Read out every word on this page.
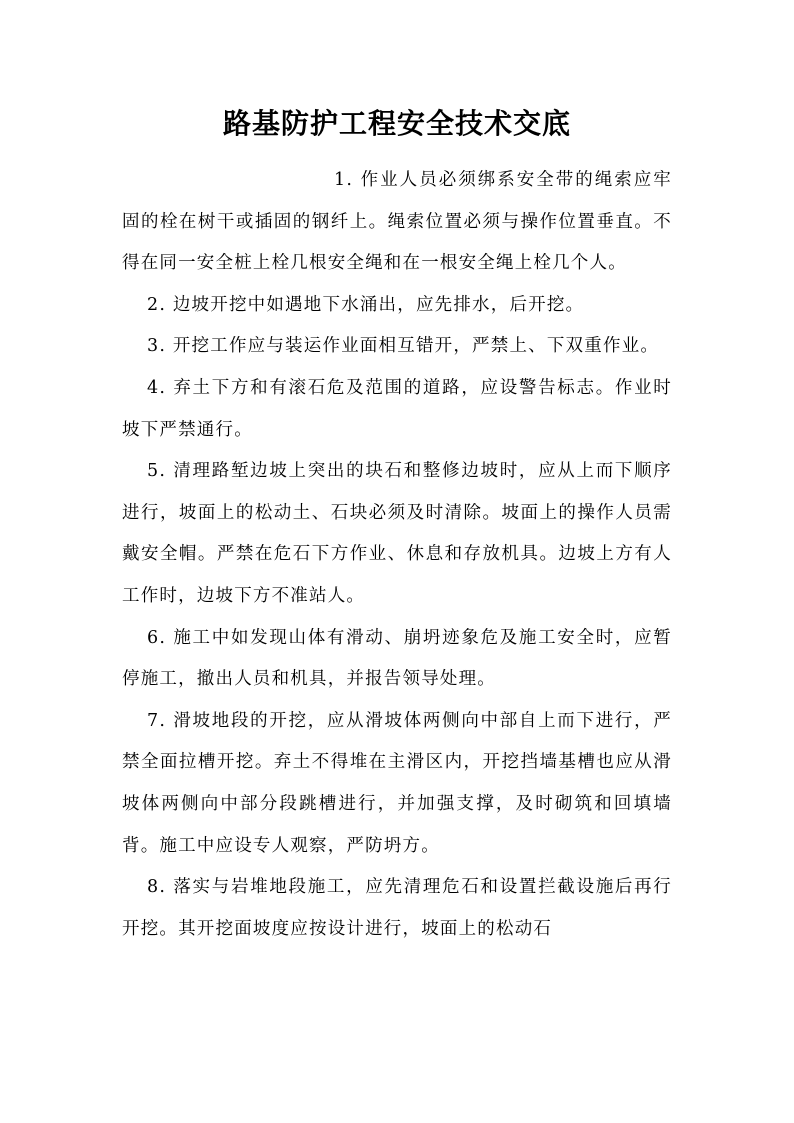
路基防护工程安全技术交底

1. 作业人员必须绑系安全带的绳索应牢固的栓在树干或插固的钢纤上。绳索位置必须与操作位置垂直。不得在同一安全桩上栓几根安全绳和在一根安全绳上栓几个人。

2. 边坡开挖中如遇地下水涌出，应先排水，后开挖。

3. 开挖工作应与装运作业面相互错开，严禁上、下双重作业。

4. 弃土下方和有滚石危及范围的道路，应设警告标志。作业时坡下严禁通行。

5. 清理路堑边坡上突出的块石和整修边坡时，应从上而下顺序进行，坡面上的松动土、石块必须及时清除。坡面上的操作人员需戴安全帽。严禁在危石下方作业、休息和存放机具。边坡上方有人工作时，边坡下方不准站人。

6. 施工中如发现山体有滑动、崩坍迹象危及施工安全时，应暂停施工，撤出人员和机具，并报告领导处理。

7. 滑坡地段的开挖，应从滑坡体两侧向中部自上而下进行，严禁全面拉槽开挖。弃土不得堆在主滑区内，开挖挡墙基槽也应从滑坡体两侧向中部分段跳槽进行，并加强支撑，及时砌筑和回填墙背。施工中应设专人观察，严防坍方。

8. 落实与岩堆地段施工，应先清理危石和设置拦截设施后再行开挖。其开挖面坡度应按设计进行，坡面上的松动石
